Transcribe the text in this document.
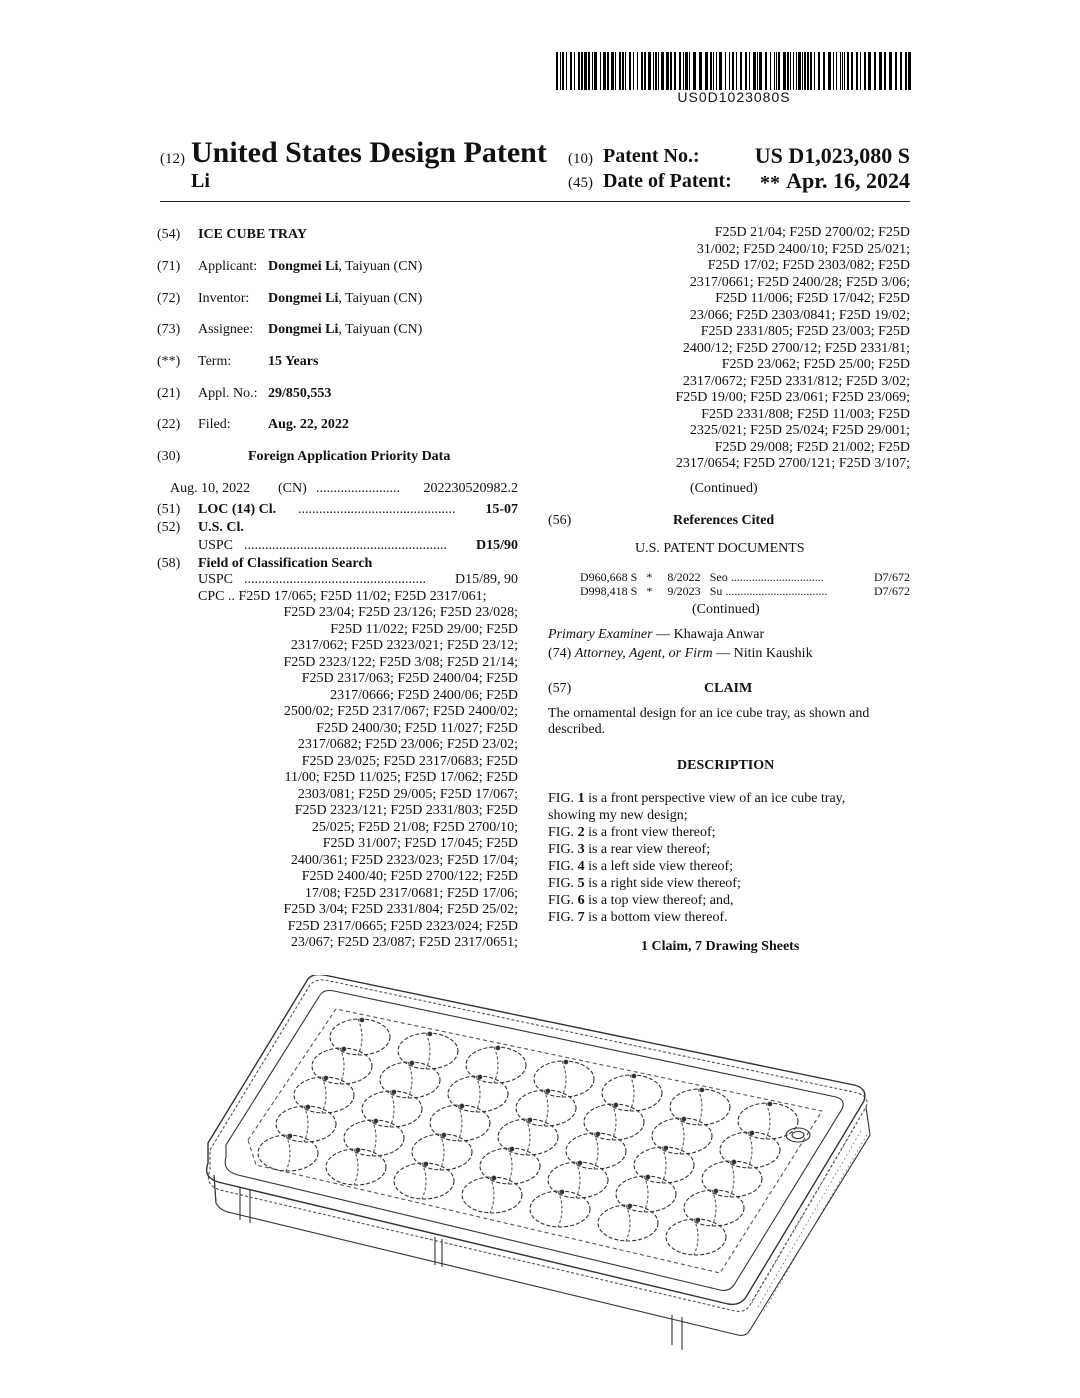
US0D1023080S
(12) United States Design Patent
Li
(10) Patent No.:	US D1,023,080 S
(45) Date of Patent: ** Apr. 16, 2024
(54) ICE CUBE TRAY
(71) Applicant: Dongmei Li, Taiyuan (CN)
(72) Inventor: Dongmei Li, Taiyuan (CN)
(73) Assignee: Dongmei Li, Taiyuan (CN)
(**) Term:	15 Years
(21) Appl. No.: 29/850,553
(22) Filed:	Aug. 22, 2022
(30)	Foreign Application Priority Data
Aug. 10, 2022 (CN) ........................ 202230520982.2
(51) LOC (14) Cl. ............................................. 15-07
(52) U.S. Cl.
USPC .......................................................... D15/90
(58) Field of Classification Search
USPC .................................................... D15/89, 90
CPC .. F25D 17/065; F25D 11/02; F25D 2317/061;
F25D 23/04; F25D 23/126; F25D 23/028;
F25D 11/022; F25D 29/00; F25D
2317/062; F25D 2323/021; F25D 23/12;
F25D 2323/122; F25D 3/08; F25D 21/14;
F25D 2317/063; F25D 2400/04; F25D
2317/0666; F25D 2400/06; F25D
2500/02; F25D 2317/067; F25D 2400/02;
F25D 2400/30; F25D 11/027; F25D
2317/0682; F25D 23/006; F25D 23/02;
F25D 23/025; F25D 2317/0683; F25D
11/00; F25D 11/025; F25D 17/062; F25D
2303/081; F25D 29/005; F25D 17/067;
F25D 2323/121; F25D 2331/803; F25D
25/025; F25D 21/08; F25D 2700/10;
F25D 31/007; F25D 17/045; F25D
2400/361; F25D 2323/023; F25D 17/04;
F25D 2400/40; F25D 2700/122; F25D
17/08; F25D 2317/0681; F25D 17/06;
F25D 3/04; F25D 2331/804; F25D 25/02;
F25D 2317/0665; F25D 2323/024; F25D
23/067; F25D 23/087; F25D 2317/0651;
F25D 21/04; F25D 2700/02; F25D
31/002; F25D 2400/10; F25D 25/021;
F25D 17/02; F25D 2303/082; F25D
2317/0661; F25D 2400/28; F25D 3/06;
F25D 11/006; F25D 17/042; F25D
23/066; F25D 2303/0841; F25D 19/02;
F25D 2331/805; F25D 23/003; F25D
2400/12; F25D 2700/12; F25D 2331/81;
F25D 23/062; F25D 25/00; F25D
2317/0672; F25D 2331/812; F25D 3/02;
F25D 19/00; F25D 23/061; F25D 23/069;
F25D 2331/808; F25D 11/003; F25D
2325/021; F25D 25/024; F25D 29/001;
F25D 29/008; F25D 21/002; F25D
2317/0654; F25D 2700/121; F25D 3/107;
(Continued)
(56)	References Cited
U.S. PATENT DOCUMENTS
D960,668 S * 8/2022 Seo ...............................	D7/672
D998,418 S * 9/2023 Su ..................................	D7/672
(Continued)
Primary Examiner — Khawaja Anwar
(74) Attorney, Agent, or Firm — Nitin Kaushik
(57)	CLAIM
The ornamental design for an ice cube tray, as shown and
described.
DESCRIPTION
FIG. 1 is a front perspective view of an ice cube tray,
showing my new design;
FIG. 2 is a front view thereof;
FIG. 3 is a rear view thereof;
FIG. 4 is a left side view thereof;
FIG. 5 is a right side view thereof;
FIG. 6 is a top view thereof; and,
FIG. 7 is a bottom view thereof.
1 Claim, 7 Drawing Sheets
